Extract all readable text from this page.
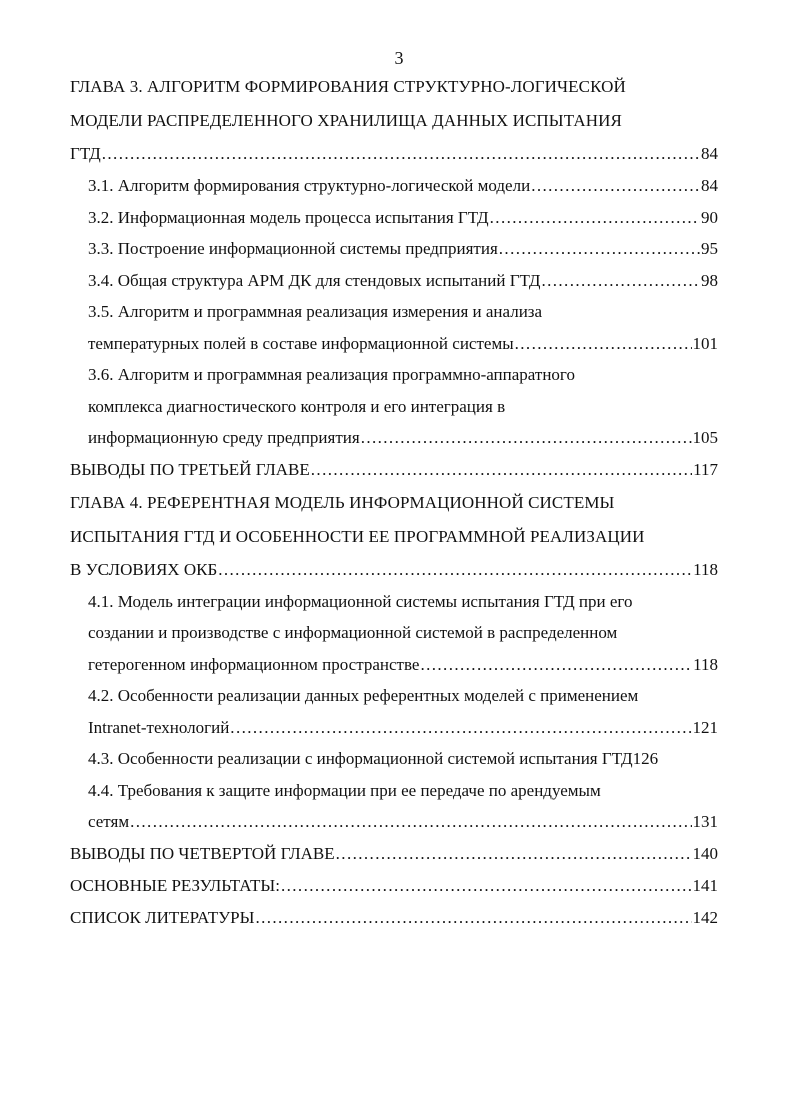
3
ГЛАВА 3. АЛГОРИТМ ФОРМИРОВАНИЯ СТРУКТУРНО-ЛОГИЧЕСКОЙ
МОДЕЛИ РАСПРЕДЕЛЕННОГО ХРАНИЛИЩА ДАННЫХ ИСПЫТАНИЯ
ГТД .....	84
3.1. Алгоритм формирования структурно-логической модели .....	84
3.2. Информационная модель процесса испытания ГТД .....	90
3.3. Построение информационной системы предприятия .....	95
3.4. Общая структура АРМ ДК для стендовых испытаний ГТД .....	98
3.5. Алгоритм и программная реализация измерения и анализа
температурных полей в составе информационной системы .....	101
3.6. Алгоритм и программная реализация программно-аппаратного
комплекса диагностического контроля и его интеграция в
информационную среду предприятия .....	105
ВЫВОДЫ ПО ТРЕТЬЕЙ ГЛАВЕ .....	117
ГЛАВА 4. РЕФЕРЕНТНАЯ МОДЕЛЬ ИНФОРМАЦИОННОЙ СИСТЕМЫ
ИСПЫТАНИЯ ГТД И ОСОБЕННОСТИ ЕЕ ПРОГРАММНОЙ РЕАЛИЗАЦИИ
В УСЛОВИЯХ ОКБ .....	118
4.1. Модель интеграции информационной системы испытания ГТД при его
создании и производстве с информационной системой в распределенном
гетерогенном информационном пространстве .....	118
4.2. Особенности реализации данных референтных моделей с применением
Intranet-технологий .....	121
4.3. Особенности реализации с информационной системой испытания ГТД126
4.4. Требования к защите информации при ее передаче по арендуемым
сетям .....	131
ВЫВОДЫ ПО ЧЕТВЕРТОЙ ГЛАВЕ .....	140
ОСНОВНЫЕ РЕЗУЛЬТАТЫ: .....	141
СПИСОК ЛИТЕРАТУРЫ .....	142
